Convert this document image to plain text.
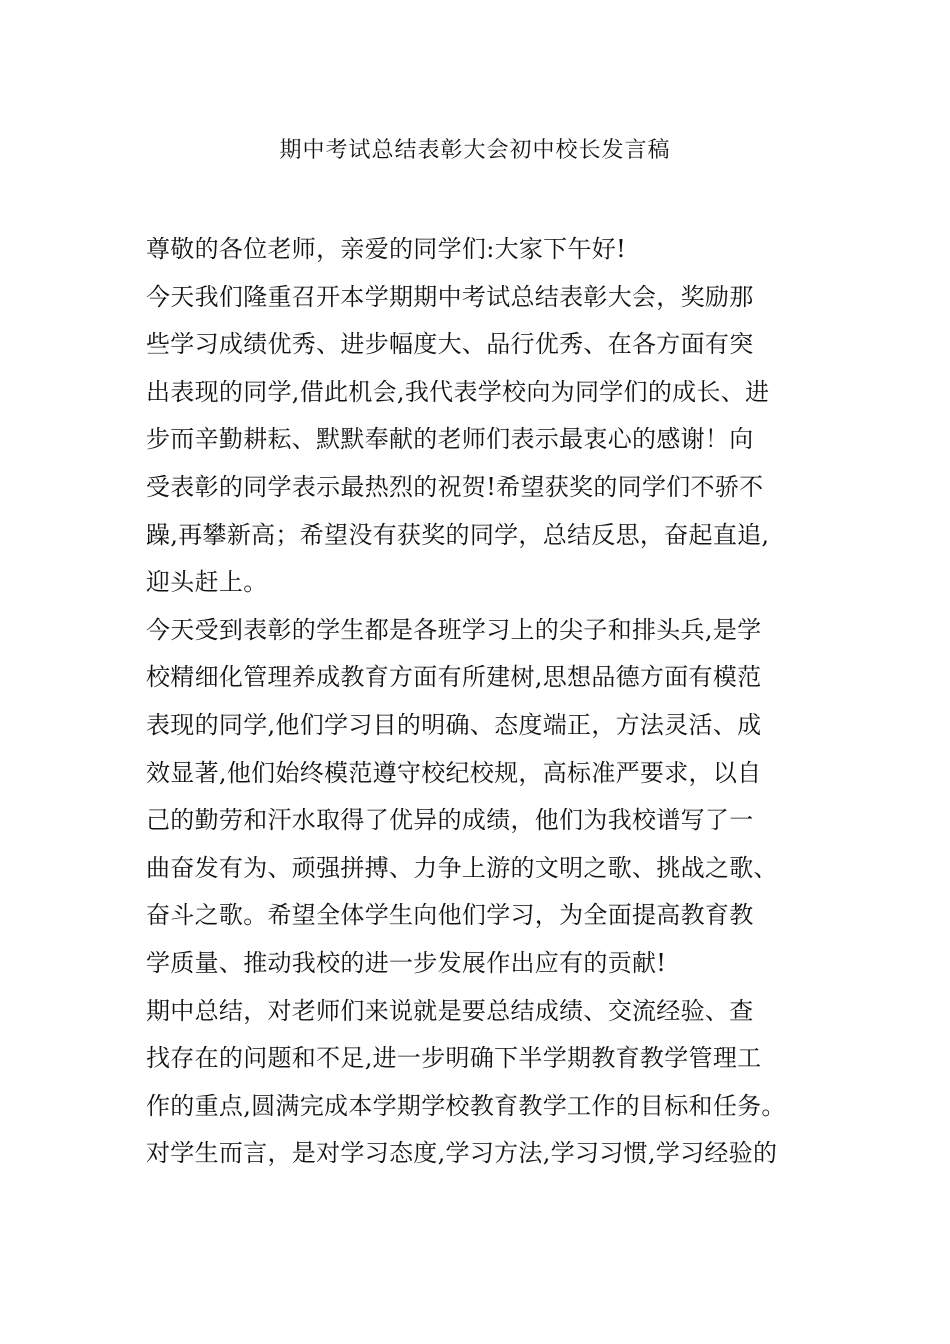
期中考试总结表彰大会初中校长发言稿
尊敬的各位老师，亲爱的同学们:大家下午好!
今天我们隆重召开本学期期中考试总结表彰大会，奖励那
些学习成绩优秀、进步幅度大、品行优秀、在各方面有突
出表现的同学,借此机会,我代表学校向为同学们的成长、进
步而辛勤耕耘、默默奉献的老师们表示最衷心的感谢！向
受表彰的同学表示最热烈的祝贺!希望获奖的同学们不骄不
躁,再攀新高；希望没有获奖的同学，总结反思，奋起直追,
迎头赶上。
今天受到表彰的学生都是各班学习上的尖子和排头兵,是学
校精细化管理养成教育方面有所建树,思想品德方面有模范
表现的同学,他们学习目的明确、态度端正，方法灵活、成
效显著,他们始终模范遵守校纪校规，高标准严要求，以自
己的勤劳和汗水取得了优异的成绩，他们为我校谱写了一
曲奋发有为、顽强拼搏、力争上游的文明之歌、挑战之歌、
奋斗之歌。希望全体学生向他们学习，为全面提高教育教
学质量、推动我校的进一步发展作出应有的贡献!
期中总结，对老师们来说就是要总结成绩、交流经验、查
找存在的问题和不足,进一步明确下半学期教育教学管理工
作的重点,圆满完成本学期学校教育教学工作的目标和任务。
对学生而言，是对学习态度,学习方法,学习习惯,学习经验的
